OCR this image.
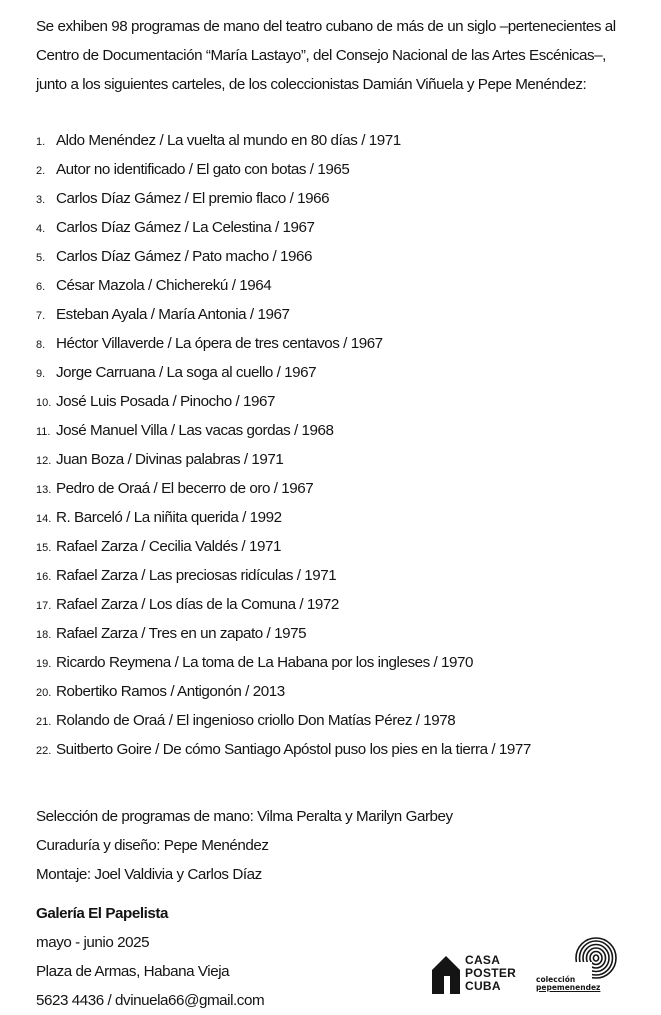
Se exhiben 98 programas de mano del teatro cubano de más de un siglo –pertenecientes al
Centro de Documentación “María Lastayo”, del Consejo Nacional de las Artes Escénicas–,
junto a los siguientes carteles, de los coleccionistas Damián Viñuela y Pepe Menéndez:

1. Aldo Menéndez / La vuelta al mundo en 80 días / 1971
2. Autor no identificado / El gato con botas / 1965
3. Carlos Díaz Gámez / El premio flaco / 1966
4. Carlos Díaz Gámez / La Celestina / 1967
5. Carlos Díaz Gámez / Pato macho / 1966
6. César Mazola / Chicherekú / 1964
7. Esteban Ayala / María Antonia / 1967
8. Héctor Villaverde / La ópera de tres centavos / 1967
9. Jorge Carruana / La soga al cuello / 1967
10. José Luis Posada / Pinocho / 1967
11. José Manuel Villa / Las vacas gordas / 1968
12. Juan Boza / Divinas palabras / 1971
13. Pedro de Oraá / El becerro de oro / 1967
14. R. Barceló / La niñita querida / 1992
15. Rafael Zarza / Cecilia Valdés / 1971
16. Rafael Zarza / Las preciosas ridículas / 1971
17. Rafael Zarza / Los días de la Comuna / 1972
18. Rafael Zarza / Tres en un zapato / 1975
19. Ricardo Reymena / La toma de La Habana por los ingleses / 1970
20. Robertiko Ramos / Antigonón / 2013
21. Rolando de Oraá / El ingenioso criollo Don Matías Pérez / 1978
22. Suitberto Goire / De cómo Santiago Apóstol puso los pies en la tierra / 1977
Selección de programas de mano: Vilma Peralta y Marilyn Garbey
Curaduría y diseño: Pepe Menéndez
Montaje: Joel Valdivia y Carlos Díaz
Galería El Papelista
mayo - junio 2025
Plaza de Armas, Habana Vieja
5623 4436 / dvinuela66@gmail.com
CASA
POSTER
CUBA	colección
pepemenendez
